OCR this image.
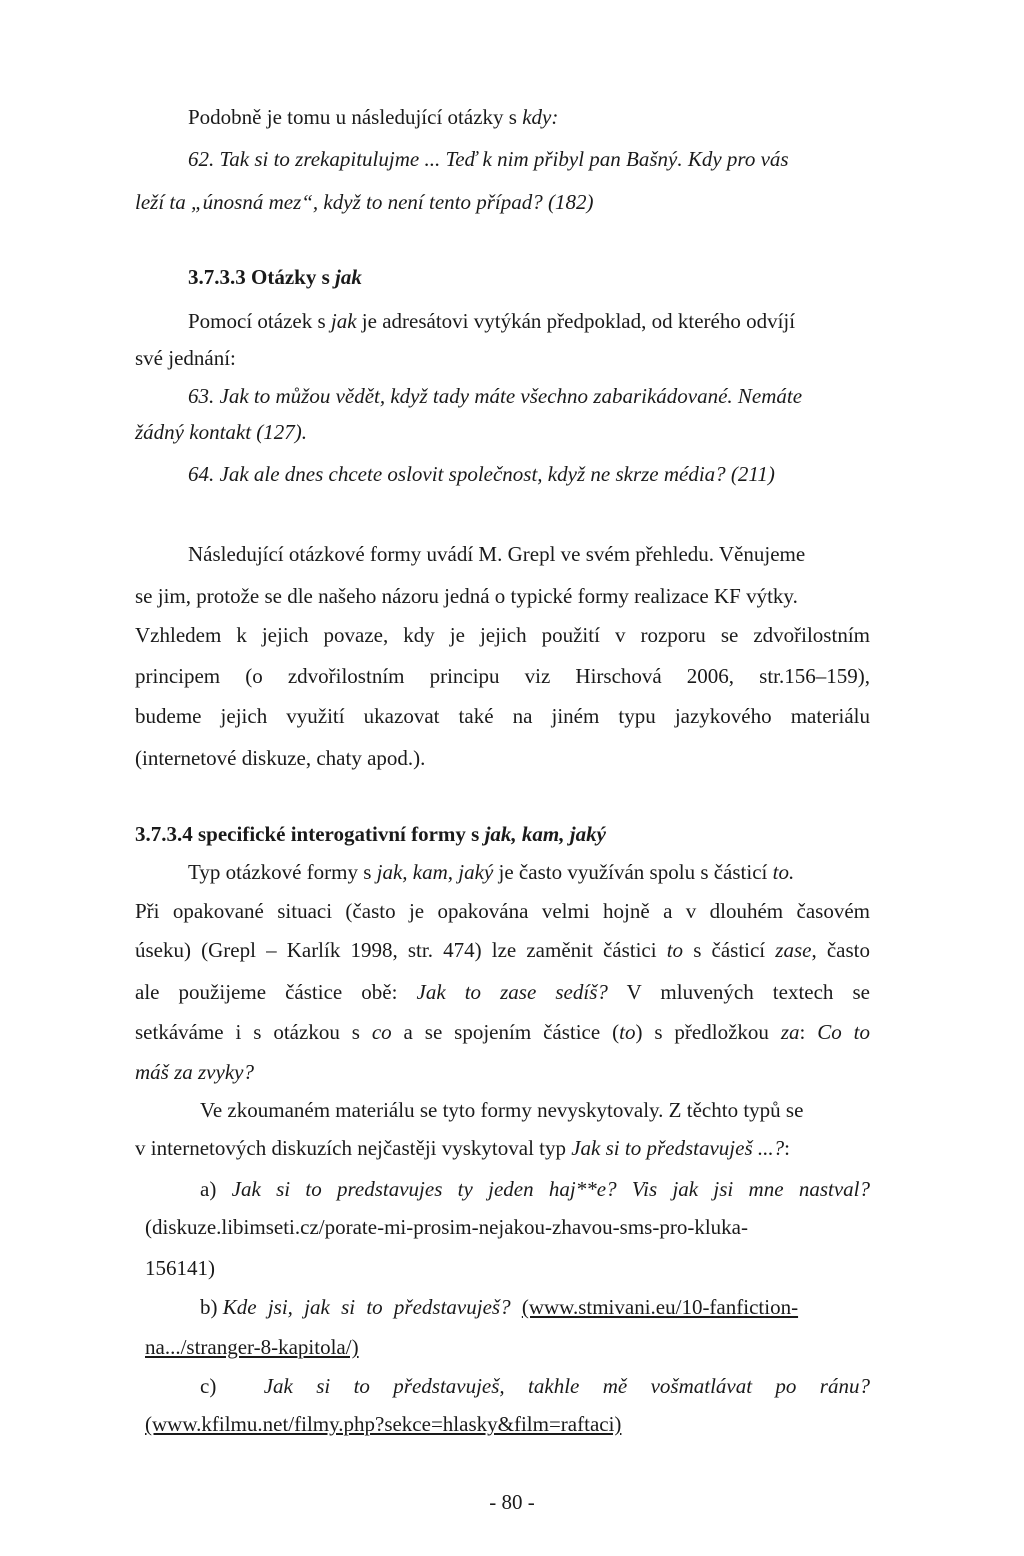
Podobně je tomu u následující otázky s kdy:
62. Tak si to zrekapitulujme ... Teď k nim přibyl pan Bašný. Kdy pro vás
leží ta „únosná mez“, když to není tento případ? (182)
3.7.3.3 Otázky s jak
Pomocí otázek s jak je adresátovi vytýkán předpoklad, od kterého odvíjí
své jednání:
63. Jak to můžou vědět, když tady máte všechno zabarikádované. Nemáte
žádný kontakt (127).
64. Jak ale dnes chcete oslovit společnost, když ne skrze média? (211)
Následující otázkové formy uvádí M. Grepl ve svém přehledu. Věnujeme
se jim, protože se dle našeho názoru jedná o typické formy realizace KF výtky.
Vzhledem k jejich povaze, kdy je jejich použití v rozporu se zdvořilostním
principem (o zdvořilostním principu viz Hirschová 2006, str.156–159),
budeme jejich využití ukazovat také na jiném typu jazykového materiálu
(internetové diskuze, chaty apod.).
3.7.3.4 specifické interogativní formy s jak, kam, jaký
Typ otázkové formy s jak, kam, jaký je často využíván spolu s částicí to.
Při opakované situaci (často je opakována velmi hojně a v dlouhém časovém
úseku) (Grepl – Karlík 1998, str. 474) lze zaměnit částici to s částicí zase, často
ale použijeme částice obě: Jak to zase sedíš? V mluvených textech se
setkáváme i s otázkou s co a se spojením částice (to) s předložkou za: Co to
máš za zvyky?
Ve zkoumaném materiálu se tyto formy nevyskytovaly. Z těchto typů se
v internetových diskuzích nejčastěji vyskytoval typ Jak si to představuješ ...?:
a) Jak si to predstavujes ty jeden haj**e? Vis jak jsi mne nastval?
(diskuze.libimseti.cz/porate-mi-prosim-nejakou-zhavou-sms-pro-kluka-
156141)
b) Kde jsi, jak si to představuješ? (www.stmivani.eu/10-fanfiction-
na.../stranger-8-kapitola/)
c) Jak si to představuješ, takhle mě vošmatlávat po ránu?
(www.kfilmu.net/filmy.php?sekce=hlasky&film=raftaci)
- 80 -
